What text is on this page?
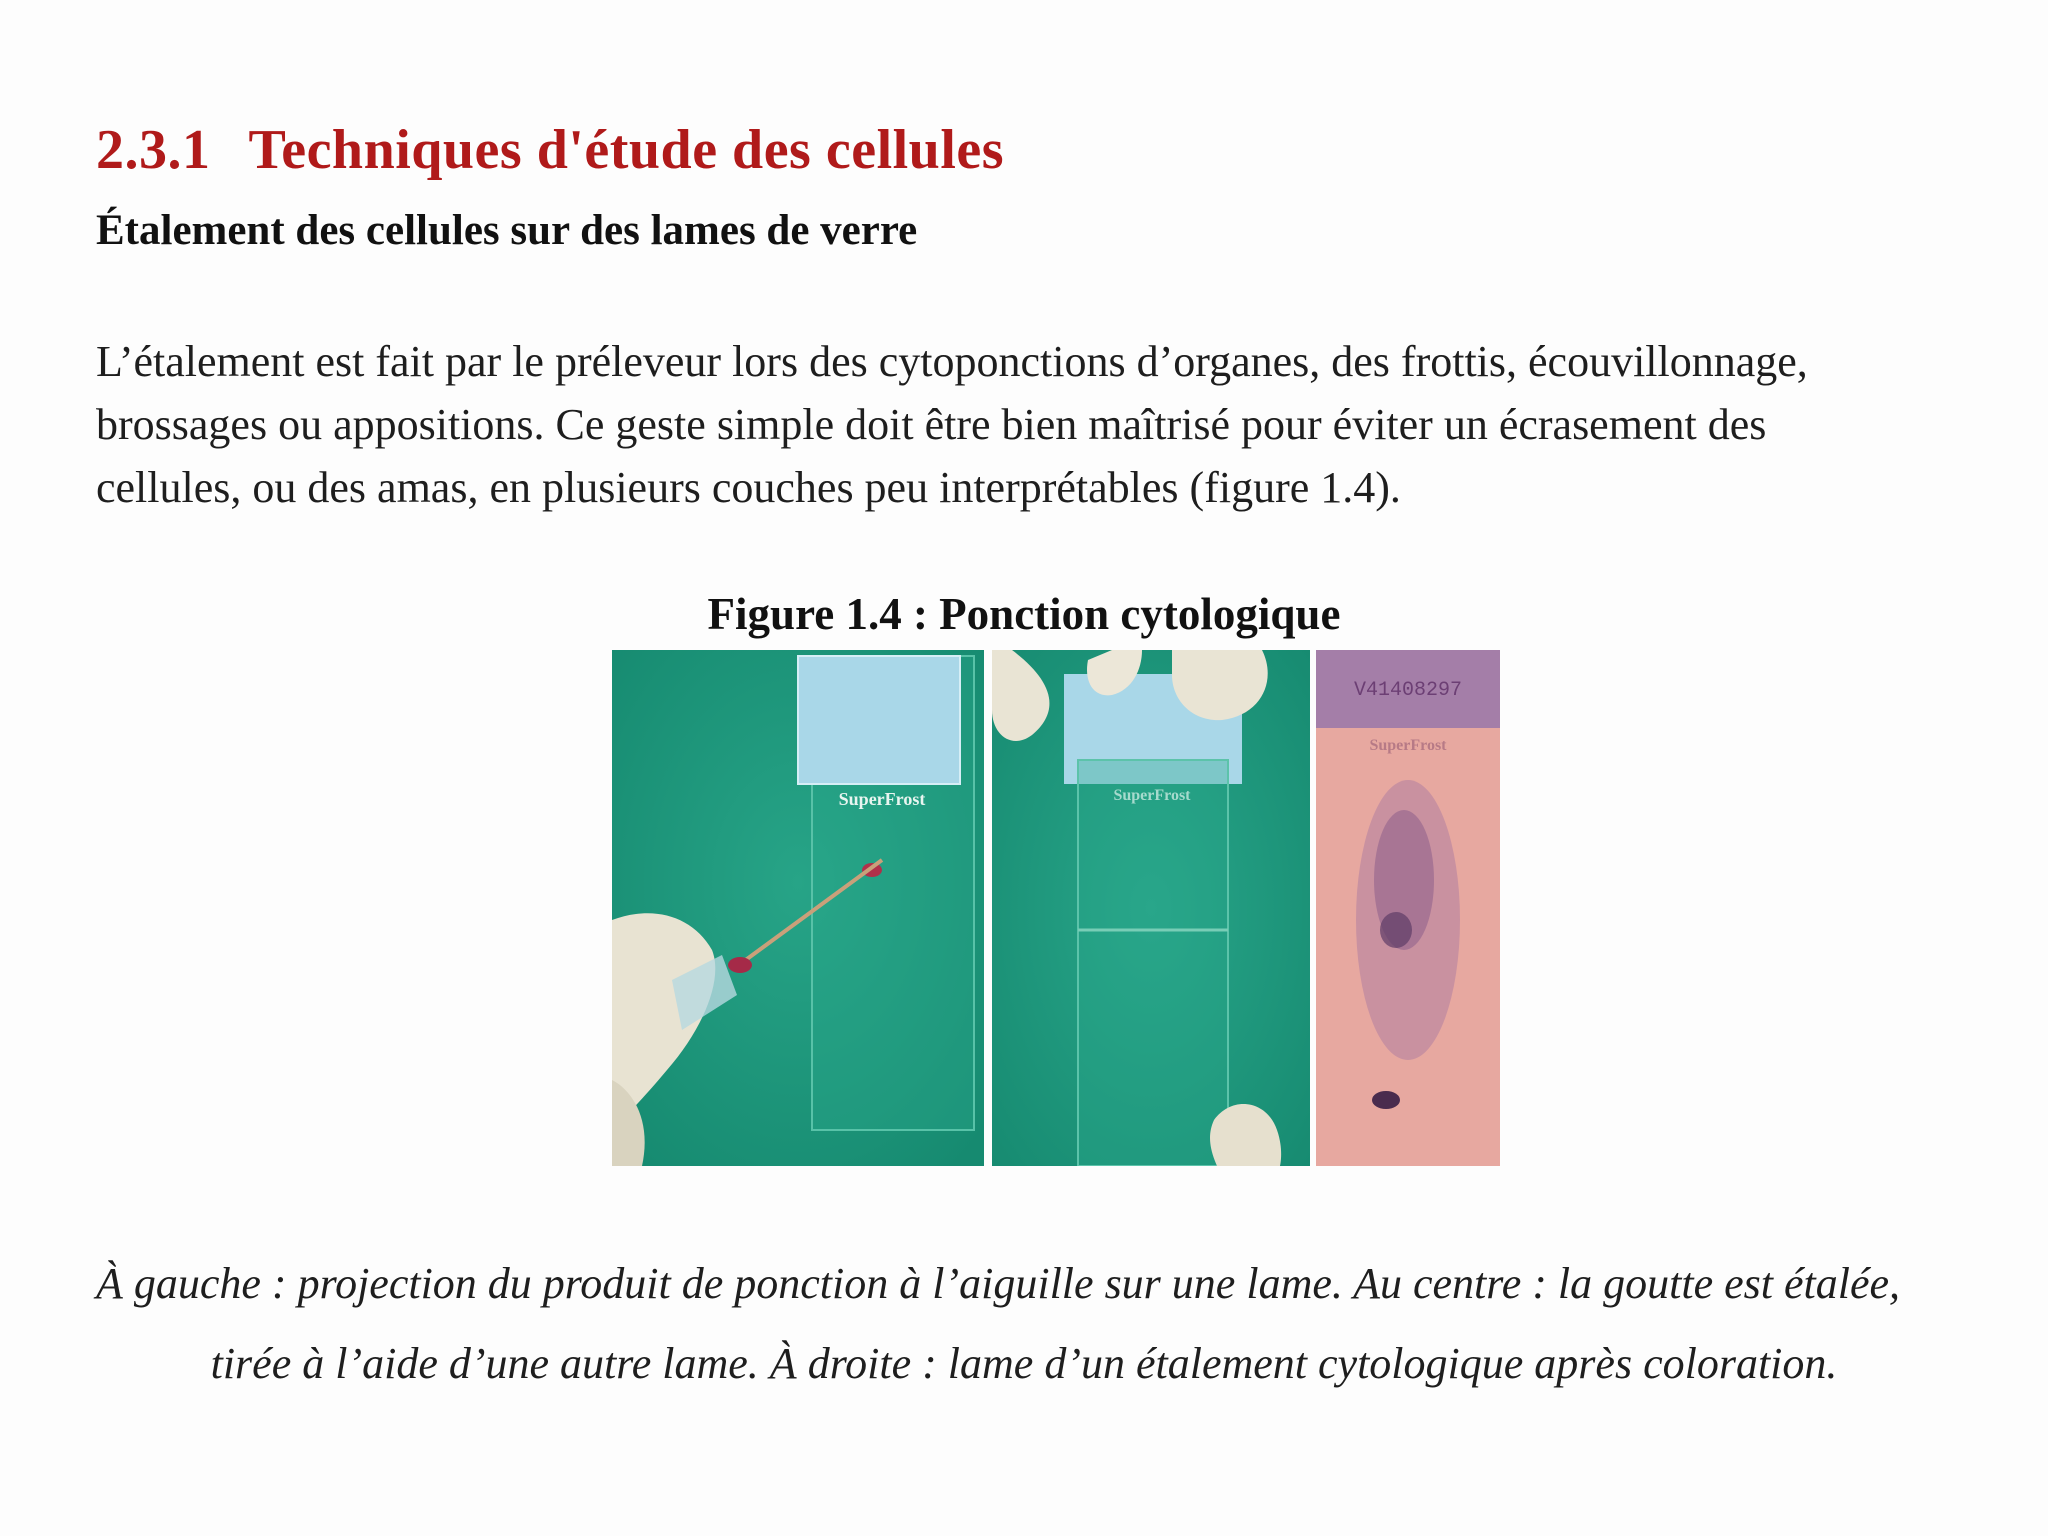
2.3.1 Techniques d'étude des cellules
Étalement des cellules sur des lames de verre
L’étalement est fait par le préleveur lors des cytoponctions d’organes, des frottis, écouvillonnage,
brossages ou appositions. Ce geste simple doit être bien maîtrisé pour éviter un écrasement des
cellules, ou des amas, en plusieurs couches peu interprétables (figure 1.4).
Figure 1.4 : Ponction cytologique
SuperFrost	SuperFrost
V41408297
SuperFrost
À gauche : projection du produit de ponction à l’aiguille sur une lame. Au centre : la goutte est étalée,
tirée à l’aide d’une autre lame. À droite : lame d’un étalement cytologique après coloration.
